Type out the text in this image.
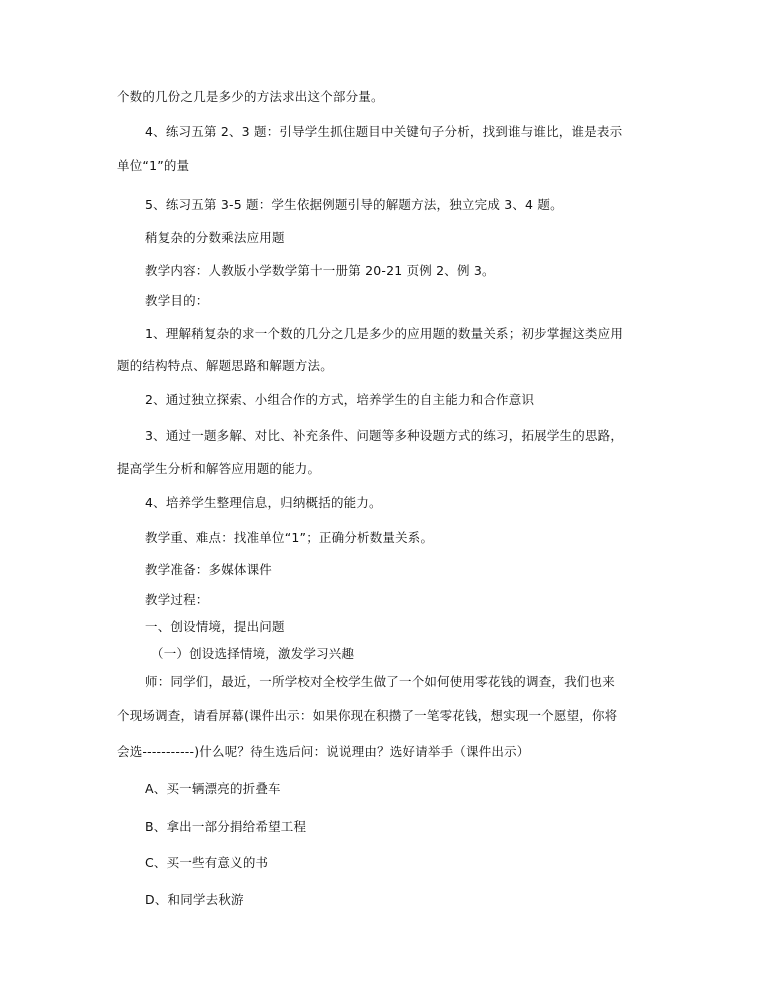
个数的几份之几是多少的方法求出这个部分量。
4、练习五第 2、3 题：引导学生抓住题目中关键句子分析，找到谁与谁比，谁是表示
单位“1”的量
5、练习五第 3-5 题：学生依据例题引导的解题方法，独立完成 3、4 题。
稍复杂的分数乘法应用题
教学内容：人教版小学数学第十一册第 20-21 页例 2、例 3。
教学目的：
1、理解稍复杂的求一个数的几分之几是多少的应用题的数量关系；初步掌握这类应用
题的结构特点、解题思路和解题方法。
2、通过独立探索、小组合作的方式，培养学生的自主能力和合作意识
3、通过一题多解、对比、补充条件、问题等多种设题方式的练习，拓展学生的思路，
提高学生分析和解答应用题的能力。
4、培养学生整理信息，归纳概括的能力。
教学重、难点：找准单位“1”；正确分析数量关系。
教学准备：多媒体课件
教学过程：
一、创设情境，提出问题
（一）创设选择情境，激发学习兴趣
师：同学们，最近，一所学校对全校学生做了一个如何使用零花钱的调查，我们也来
个现场调查，请看屏幕(课件出示：如果你现在积攒了一笔零花钱，想实现一个愿望，你将
会选-----------)什么呢？待生选后问：说说理由？选好请举手（课件出示）
A、买一辆漂亮的折叠车
B、拿出一部分捐给希望工程
C、买一些有意义的书
D、和同学去秋游
